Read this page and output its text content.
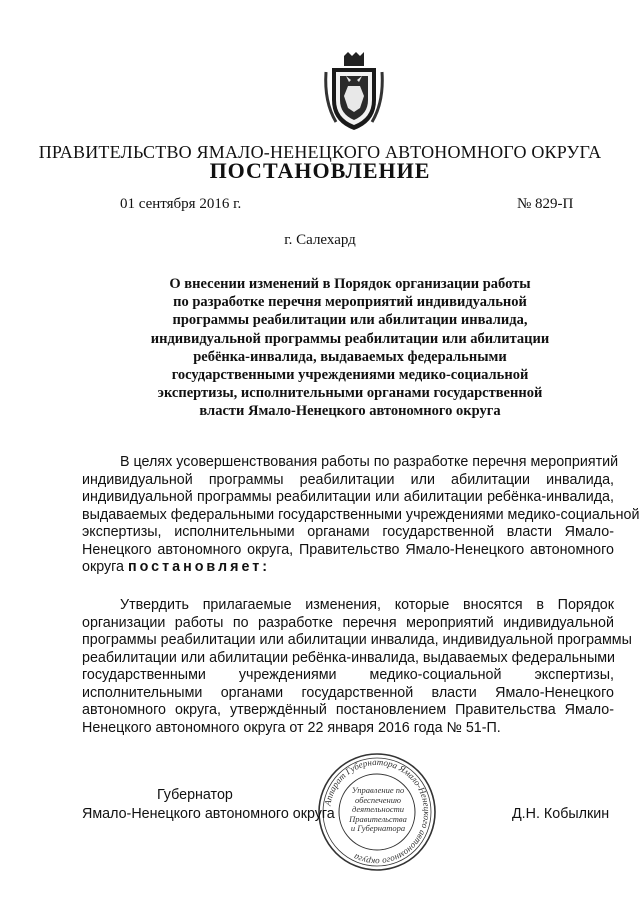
ПРАВИТЕЛЬСТВО ЯМАЛО-НЕНЕЦКОГО АВТОНОМНОГО ОКРУГА
ПОСТАНОВЛЕНИЕ
01 сентября 2016 г.	№ 829-П
г. Салехард
О внесении изменений в Порядок организации работы
по разработке перечня мероприятий индивидуальной
программы реабилитации или абилитации инвалида,
индивидуальной программы реабилитации или абилитации
ребёнка-инвалида, выдаваемых федеральными
государственными учреждениями медико-социальной
экспертизы, исполнительными органами государственной
власти Ямало-Ненецкого автономного округа
В целях усовершенствования работы по разработке перечня мероприятий
индивидуальной программы реабилитации или абилитации инвалида,
индивидуальной программы реабилитации или абилитации ребёнка-инвалида,
выдаваемых федеральными государственными учреждениями медико-социальной
экспертизы, исполнительными органами государственной власти Ямало-
Ненецкого автономного округа, Правительство Ямало-Ненецкого автономного
округа постановляет:
Утвердить прилагаемые изменения, которые вносятся в Порядок
организации работы по разработке перечня мероприятий индивидуальной
программы реабилитации или абилитации инвалида, индивидуальной программы
реабилитации или абилитации ребёнка-инвалида, выдаваемых федеральными
государственными учреждениями медико-социальной экспертизы,
исполнительными органами государственной власти Ямало-Ненецкого
автономного округа, утверждённый постановлением Правительства Ямало-
Ненецкого автономного округа от 22 января 2016 года № 51-П.
Аппарат Губернатора Ямало-Ненецкого автономного округа
Управление по
обеспечению
деятельности
Правительства
и Губернатора
Губернатор
Ямало-Ненецкого автономного округа	Д.Н. Кобылкин
